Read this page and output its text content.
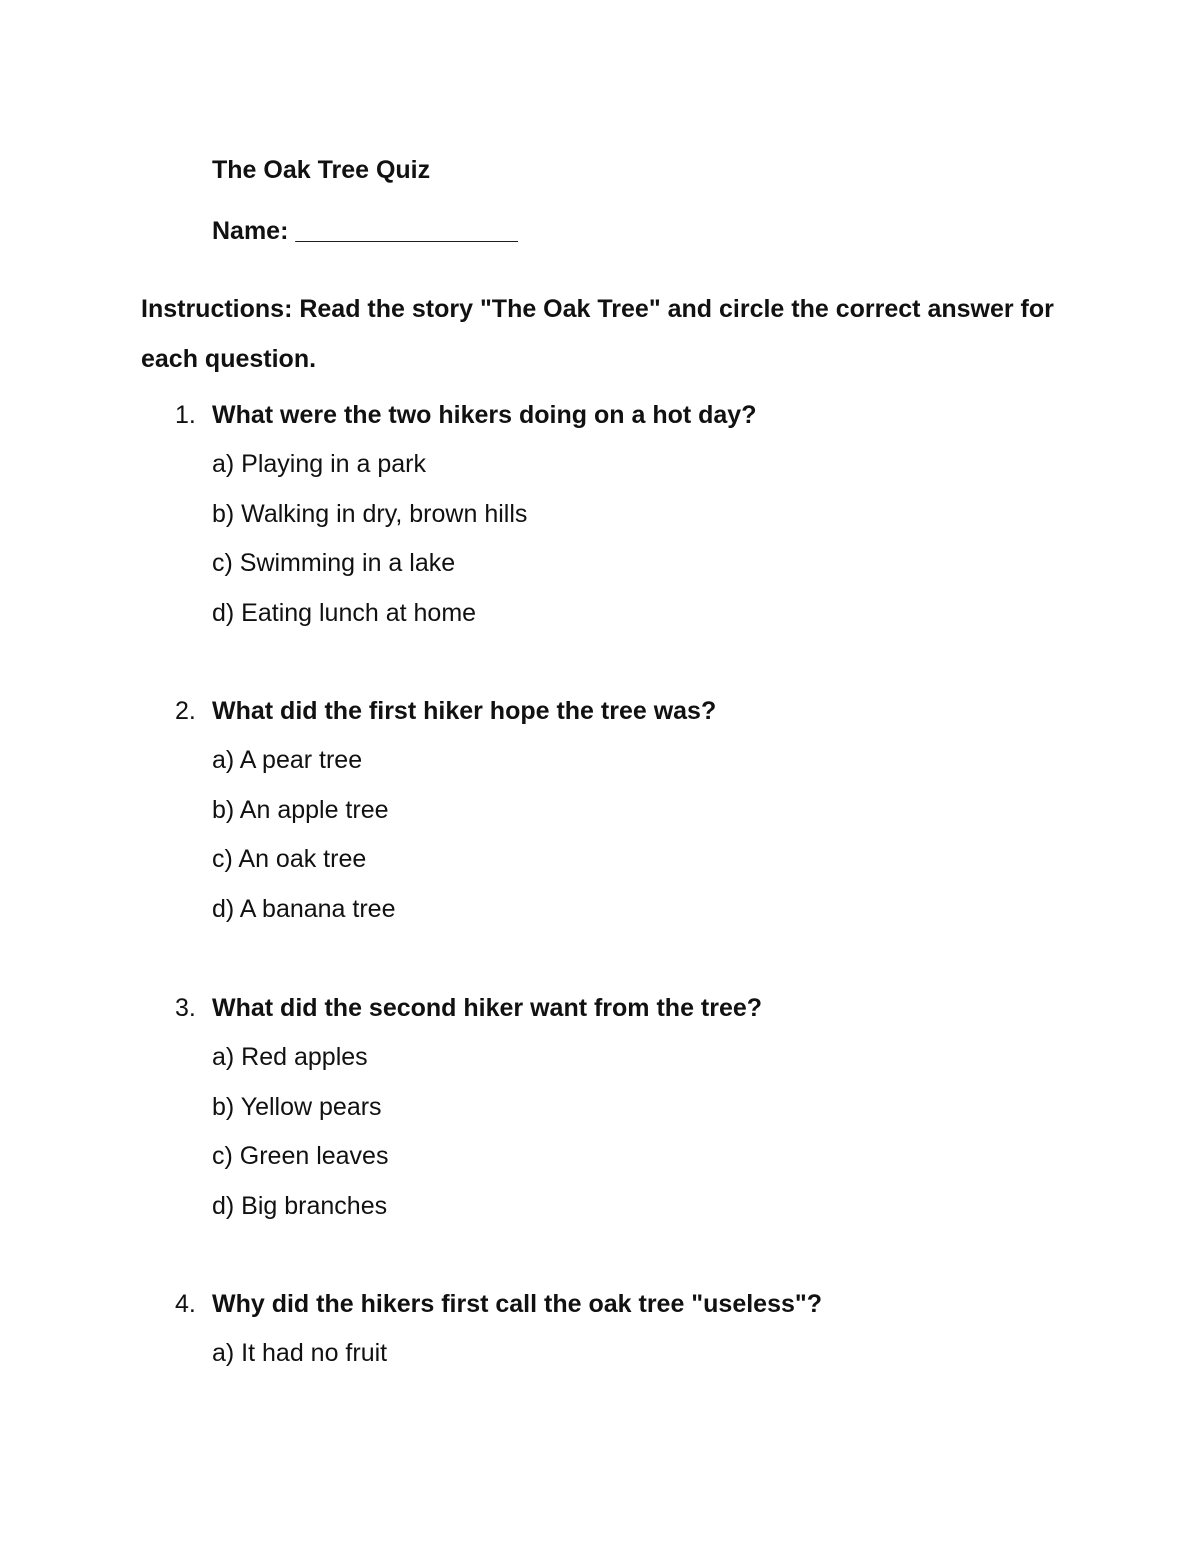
The Oak Tree Quiz
Name: ________________
Instructions: Read the story "The Oak Tree" and circle the correct answer for each question.
1. What were the two hikers doing on a hot day?
a) Playing in a park
b) Walking in dry, brown hills
c) Swimming in a lake
d) Eating lunch at home
2. What did the first hiker hope the tree was?
a) A pear tree
b) An apple tree
c) An oak tree
d) A banana tree
3. What did the second hiker want from the tree?
a) Red apples
b) Yellow pears
c) Green leaves
d) Big branches
4. Why did the hikers first call the oak tree "useless"?
a) It had no fruit
